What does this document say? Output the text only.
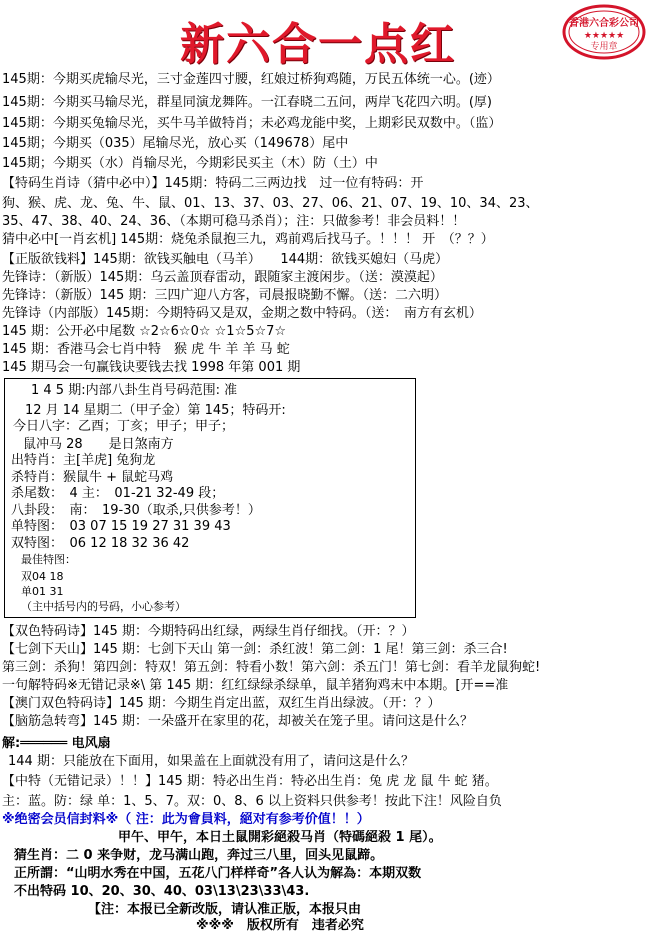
新六合一点红	香港六合彩公司
★★★★★
专用章
145期：今期买虎输尽光，三寸金莲四寸腰，红娘过桥狗鸡随，万民五体统一心。(迹）
145期：今期买马输尽光，群星同演龙舞阵。一江春晓二五问，两岸飞花四六明。(厚)
145期：今期买兔输尽光，买牛马羊做特肖；未必鸡龙能中奖，上期彩民双数中。（监）
145期；今期买（035）尾输尽光，放心买（149678）尾中
145期；今期买（水）肖输尽光，今期彩民买主（木）防（土）中
【特码生肖诗（猜中必中）】145期：特码二三两边找　过一位有特码：开
狗、猴、虎、龙、兔、牛、鼠、01、13、37、03、27、06、21、07、19、10、34、23、
35、47、38、40、24、36、（本期可稳马杀肖）；注：只做参考！非会员料！！
猜中必中[一肖玄机] 145期：烧兔杀鼠抱三九，鸡前鸡后找马子。！！！ 开　（？？）
【正版欲钱料】145期：欲钱买触电（马羊）　　144期：欲钱买媳妇（马虎）
先锋诗：（新版）145期：乌云盖顶春雷动，跟随家主渡闲步。（送：漠漠起）
先锋诗：（新版）145 期：三四广迎八方客，司晨报晓勤不懈。（送：二六明）
先锋诗（内部版）145期：今期特码又是双，金期之数中特码。（送：　南方有玄机）
145 期：公开必中尾数 ☆2☆6☆0☆ ☆1☆5☆7☆
145 期：香港马会七肖中特　猴 虎 牛 羊 羊 马 蛇
145 期马会一句赢钱诀要钱去找 1998 年第 001 期
1 4 5 期:内部八卦生肖号码范围: 准
12 月 14 星期二（甲子金）第 145；特码开:
今日八字：乙酉；丁亥；甲子；甲子；
鼠冲马 28　　是日煞南方
出特肖：主[羊虎] 兔狗龙
杀特肖：猴鼠牛 + 鼠蛇马鸡
杀尾数：　4 主：　01-21 32-49 段；
八卦段：　南：　19-30（取杀,只供参考！）
单特图：　03 07 15 19 27 31 39 43
双特图：　06 12 18 32 36 42
最佳特图：
双04 18
单01 31
（主中括号内的号码，小心参考）
【双色特码诗】145 期：今期特码出红绿，两绿生肖仔细找。（开：？）
【七剑下天山】145 期：七剑下天山 第一剑：杀红波！第二剑：1 尾！第三剑：杀三合!
第三剑：杀狗！第四剑：特双！第五剑：特看小数！第六剑：杀五门！第七剑：看羊龙鼠狗蛇!
一句解特码※无错记录※\ 第 145 期：红红绿绿杀绿单，鼠羊猪狗鸡末中本期。[开==准
【澳门双色特码诗】145 期：今期生肖定出蓝，双红生肖出绿波。（开：？）
【脑筋急转弯】145 期：一朵盛开在家里的花，却被关在笼子里。请问这是什么？
解:══════ 电风扇
144 期：只能放在下面用，如果盖在上面就没有用了，请问这是什么？
【中特（无错记录）！！】145 期：特必出生肖：特必出生肖：兔 虎 龙 鼠 牛 蛇 猪。
主：蓝。防：绿 单：1、5、7。双：0、8、6 以上资料只供参考！按此下注！风险自负
※绝密会员信封料※（ 注：此为會員料，絕对有参考价值！！）
甲午、甲午，本日土鼠開彩絕殺马肖（特碼絕殺 1 尾）。
猜生肖：二 0 来争财，龙马满山跑，奔过三八里，回头见鼠蹄。
正所謂：“山明水秀在中国，五花八门样样奇”各人认为解為：本期双数
不出特码 10、20、30、40、03\13\23\33\43.
【注：本报已全新改版，请认准正版，本报只由
※※※　版权所有　违者必究
